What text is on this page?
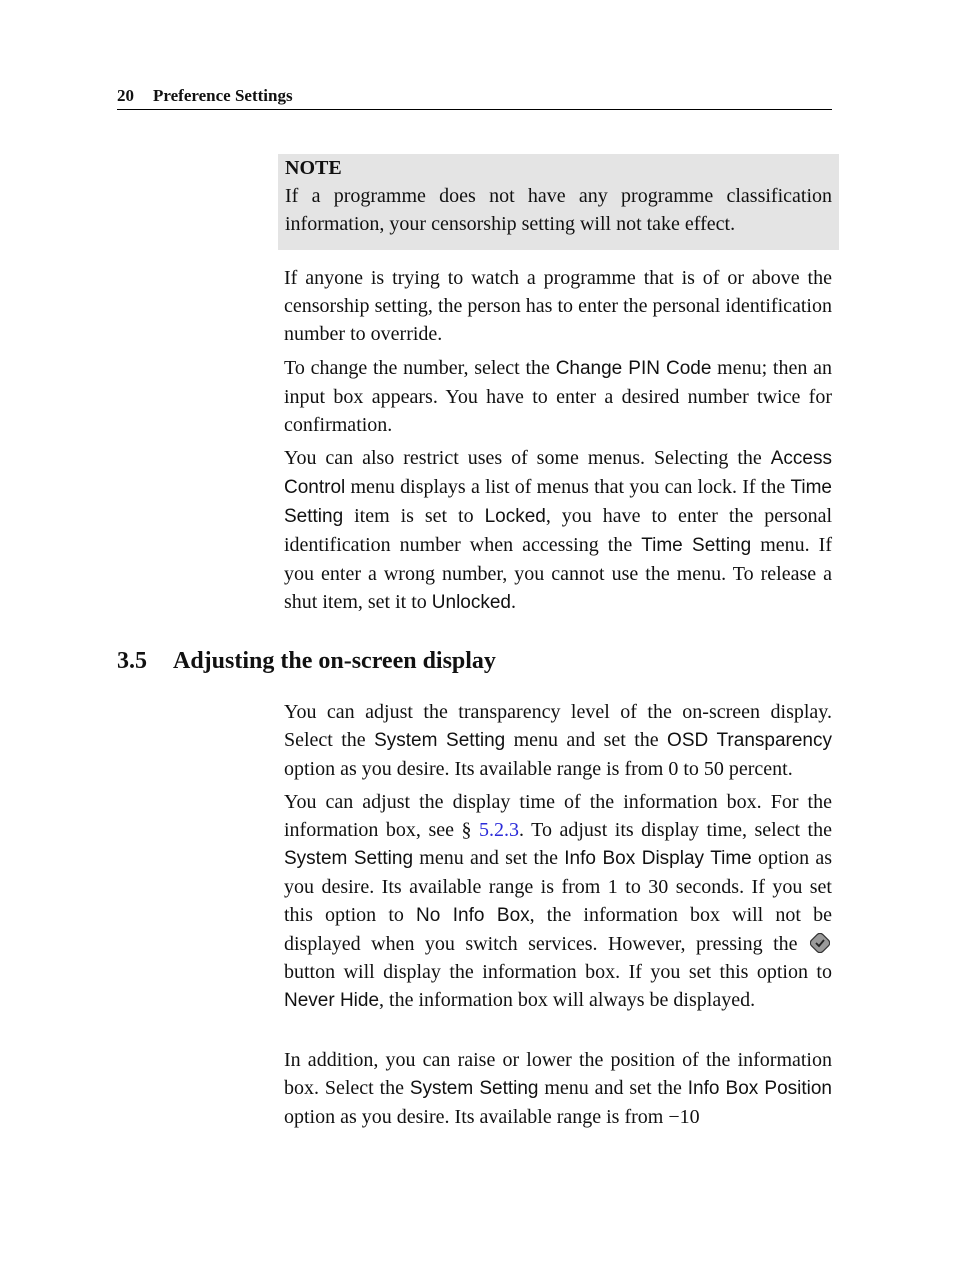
20 Preference Settings
NOTE
If a programme does not have any programme classification information, your censorship setting will not take effect.

If anyone is trying to watch a programme that is of or above the censorship setting, the person has to enter the personal identification number to override.

To change the number, select the Change PIN Code menu; then an input box appears. You have to enter a desired number twice for confirmation.

You can also restrict uses of some menus. Selecting the Access Control menu displays a list of menus that you can lock. If the Time Setting item is set to Locked, you have to enter the personal identification number when accessing the Time Setting menu. If you enter a wrong number, you cannot use the menu. To release a shut item, set it to Unlocked.

3.5 Adjusting the on-screen display

You can adjust the transparency level of the on-screen display. Select the System Setting menu and set the OSD Transparency option as you desire. Its available range is from 0 to 50 percent.

You can adjust the display time of the information box. For the information box, see § 5.2.3. To adjust its display time, select the System Setting menu and set the Info Box Display Time option as you desire. Its available range is from 1 to 30 seconds. If you set this option to No Info Box, the information box will not be displayed when you switch services. However, pressing the  button will display the information box. If you set this option to Never Hide, the information box will always be displayed.

In addition, you can raise or lower the position of the information box. Select the System Setting menu and set the Info Box Position option as you desire. Its available range is from −10
